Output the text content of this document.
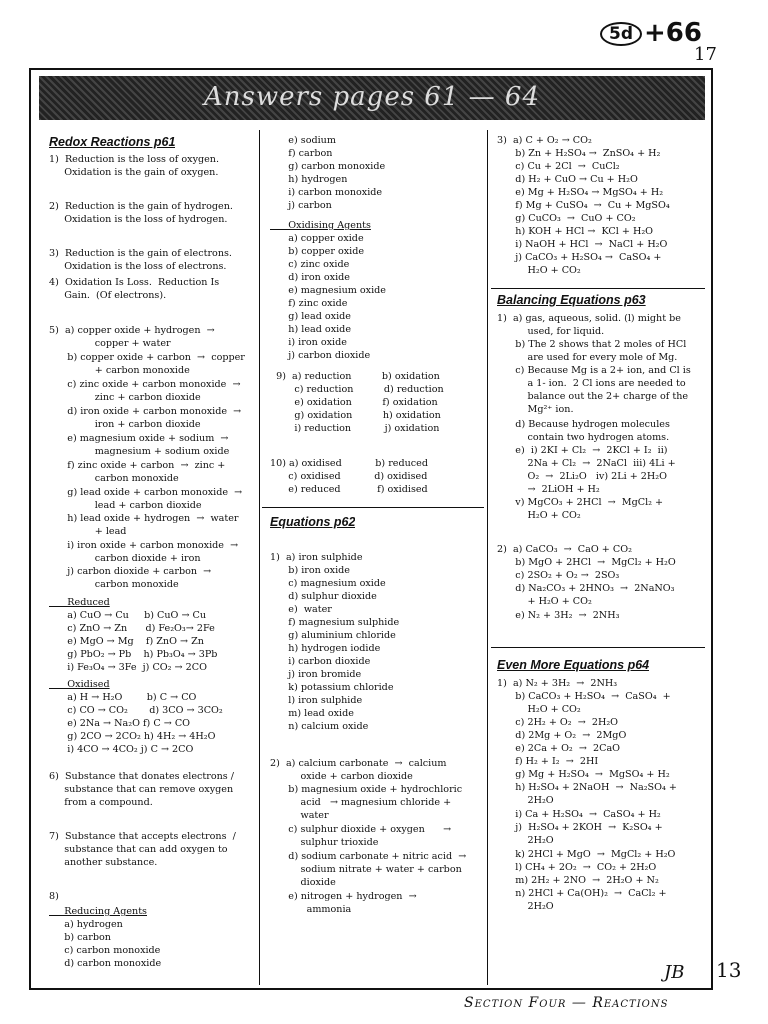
5d +66
17
Answers pages 61 — 64
Redox Reactions p61
1)  Reduction is the loss of oxygen.
Oxidation is the gain of oxygen.
2)  Reduction is the gain of hydrogen.
Oxidation is the loss of hydrogen.
3)  Reduction is the gain of electrons.
Oxidation is the loss of electrons.
4)  Oxidation Is Loss.  Reduction Is
Gain.  (Of electrons).
5)  a) copper oxide + hydrogen  →
copper + water
b) copper oxide + carbon  →  copper
+ carbon monoxide
c) zinc oxide + carbon monoxide  →
zinc + carbon dioxide
d) iron oxide + carbon monoxide  →
iron + carbon dioxide
e) magnesium oxide + sodium  →
magnesium + sodium oxide
f) zinc oxide + carbon  →  zinc +
carbon monoxide
g) lead oxide + carbon monoxide  →
lead + carbon dioxide
h) lead oxide + hydrogen  →  water
+ lead
i) iron oxide + carbon monoxide  →
carbon dioxide + iron
j) carbon dioxide + carbon  →
carbon monoxide
Reduced
a) CuO → Cu     b) CuO → Cu
c) ZnO → Zn      d) Fe₂O₃→ 2Fe
e) MgO → Mg    f) ZnO → Zn
g) PbO₂ → Pb    h) Pb₃O₄ → 3Pb
i) Fe₃O₄ → 3Fe  j) CO₂ → 2CO
Oxidised
a) H → H₂O        b) C → CO
c) CO → CO₂       d) 3CO → 3CO₂
e) 2Na → Na₂O f) C → CO
g) 2CO → 2CO₂ h) 4H₂ → 4H₂O
i) 4CO → 4CO₂ j) C → 2CO
6)  Substance that donates electrons /
substance that can remove oxygen
from a compound.
7)  Substance that accepts electrons  /
substance that can add oxygen to
another substance.
8)
Reducing Agents
a) hydrogen
b) carbon
c) carbon monoxide
d) carbon monoxide
e) sodium
f) carbon
g) carbon monoxide
h) hydrogen
i) carbon monoxide
j) carbon
Oxidising Agents
a) copper oxide
b) copper oxide
c) zinc oxide
d) iron oxide
e) magnesium oxide
f) zinc oxide
g) lead oxide
h) lead oxide
i) iron oxide
j) carbon dioxide
9)  a) reduction          b) oxidation
c) reduction          d) reduction
e) oxidation          f) oxidation
g) oxidation          h) oxidation
i) reduction           j) oxidation
10) a) oxidised           b) reduced
c) oxidised           d) oxidised
e) reduced            f) oxidised
Equations p62
1)  a) iron sulphide
b) iron oxide
c) magnesium oxide
d) sulphur dioxide
e)  water
f) magnesium sulphide
g) aluminium chloride
h) hydrogen iodide
i) carbon dioxide
j) iron bromide
k) potassium chloride
l) iron sulphide
m) lead oxide
n) calcium oxide
2)  a) calcium carbonate  →  calcium
oxide + carbon dioxide
b) magnesium oxide + hydrochloric
acid   → magnesium chloride +
water
c) sulphur dioxide + oxygen      →
sulphur trioxide
d) sodium carbonate + nitric acid  →
sodium nitrate + water + carbon
dioxide
e) nitrogen + hydrogen  →
ammonia
3)  a) C + O₂ → CO₂
b) Zn + H₂SO₄ →  ZnSO₄ + H₂
c) Cu + 2Cl  →  CuCl₂
d) H₂ + CuO → Cu + H₂O
e) Mg + H₂SO₄ → MgSO₄ + H₂
f) Mg + CuSO₄  →  Cu + MgSO₄
g) CuCO₃  →  CuO + CO₂
h) KOH + HCl →  KCl + H₂O
i) NaOH + HCl  →  NaCl + H₂O
j) CaCO₃ + H₂SO₄ →  CaSO₄ +
H₂O + CO₂
Balancing Equations p63
1)  a) gas, aqueous, solid. (l) might be
used, for liquid.
b) The 2 shows that 2 moles of HCl
are used for every mole of Mg.
c) Because Mg is a 2+ ion, and Cl is
a 1- ion.  2 Cl ions are needed to
balance out the 2+ charge of the
Mg²⁺ ion.
d) Because hydrogen molecules
contain two hydrogen atoms.
e)  i) 2KI + Cl₂  →  2KCl + I₂  ii)
2Na + Cl₂  →  2NaCl  iii) 4Li +
O₂  →  2Li₂O   iv) 2Li + 2H₂O
→  2LiOH + H₂
v) MgCO₃ + 2HCl  →  MgCl₂ +
H₂O + CO₂
2)  a) CaCO₃  →  CaO + CO₂
b) MgO + 2HCl  →  MgCl₂ + H₂O
c) 2SO₂ + O₂ →  2SO₃
d) Na₂CO₃ + 2HNO₃  →  2NaNO₃
+ H₂O + CO₂
e) N₂ + 3H₂  →  2NH₃
Even More Equations p64
1)  a) N₂ + 3H₂  →  2NH₃
b) CaCO₃ + H₂SO₄  →  CaSO₄  +
H₂O + CO₂
c) 2H₂ + O₂  →  2H₂O
d) 2Mg + O₂  →  2MgO
e) 2Ca + O₂  →  2CaO
f) H₂ + I₂  →  2HI
g) Mg + H₂SO₄  →  MgSO₄ + H₂
h) H₂SO₄ + 2NaOH  →  Na₂SO₄ +
2H₂O
i) Ca + H₂SO₄  →  CaSO₄ + H₂
j)  H₂SO₄ + 2KOH  →  K₂SO₄ +
2H₂O
k) 2HCl + MgO  →  MgCl₂ + H₂O
l) CH₄ + 2O₂  →  CO₂ + 2H₂O
m) 2H₂ + 2NO  →  2H₂O + N₂
n) 2HCl + Ca(OH)₂  →  CaCl₂ +
2H₂O
JB 13
Section Four — Reactions
